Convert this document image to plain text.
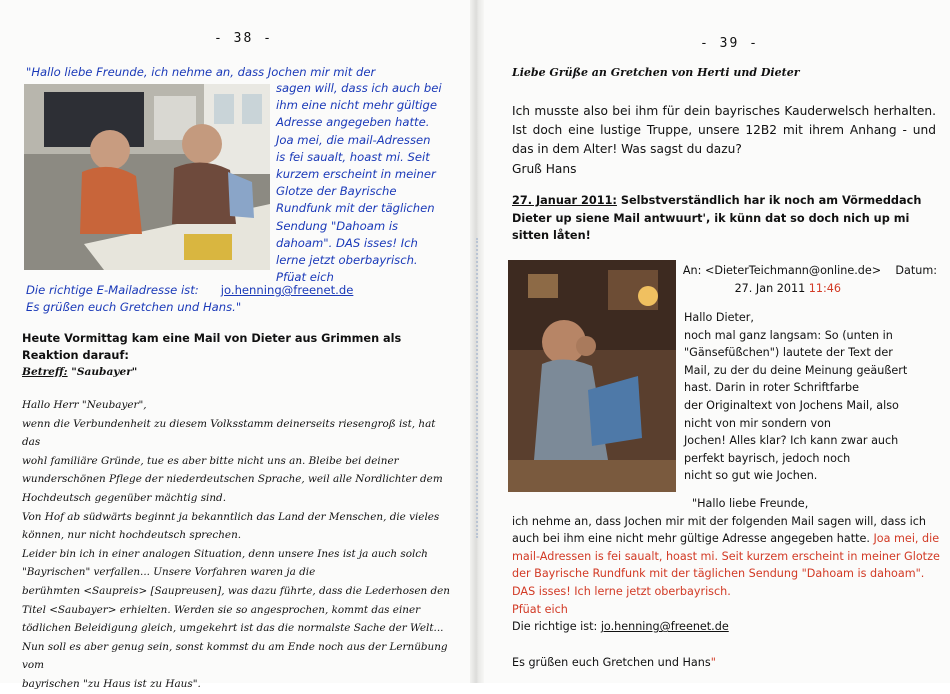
- 38 -
"Hallo liebe Freunde, ich nehme an, dass Jochen mir mit der
sagen will, dass ich auch bei
ihm eine nicht mehr gültige
Adresse angegeben hatte.
Joa mei, die mail-Adressen
is fei saualt, hoast mi. Seit
kurzem erscheint in meiner
Glotze der Bayrische
Rundfunk mit der täglichen
Sendung "Dahoam is
dahoam". DAS isses! Ich
lerne jetzt oberbayrisch.
Pfüat eich
Die richtige E-Mailadresse ist: jo.henning@freenet.de
Es grüßen euch Gretchen und Hans."
Heute Vormittag kam eine Mail von Dieter aus Grimmen als Reaktion darauf:
Betreff: "Saubayer"
Hallo Herr "Neubayer",
wenn die Verbundenheit zu diesem Volksstamm deinerseits riesengroß ist, hat das
wohl familiäre Gründe, tue es aber bitte nicht uns an. Bleibe bei deiner
wunderschönen Pflege der niederdeutschen Sprache, weil alle Nordlichter dem
Hochdeutsch gegenüber mächtig sind.
Von Hof ab südwärts beginnt ja bekanntlich das Land der Menschen, die vieles
können, nur nicht hochdeutsch sprechen.
Leider bin ich in einer analogen Situation, denn unsere Ines ist ja auch solch
"Bayrischen" verfallen... Unsere Vorfahren waren ja die
berühmten <Saupreis> [Saupreusen], was dazu führte, dass die Lederhosen den
Titel <Saubayer> erhielten. Werden sie so angesprochen, kommt das einer
tödlichen Beleidigung gleich, umgekehrt ist das die normalste Sache der Welt...
Nun soll es aber genug sein, sonst kommst du am Ende noch aus der Lernübung vom
bayrischen "zu Haus ist zu Haus".
- 39 -
Liebe Grüße an Gretchen von Herti und Dieter
Ich musste also bei ihm für dein bayrisches Kauderwelsch herhalten. Ist doch eine lustige Truppe, unsere 12B2 mit ihrem Anhang - und das in dem Alter! Was sagst du dazu?
Gruß Hans
27. Januar 2011: Selbstverständlich har ik noch am Vörmeddach Dieter up siene Mail antwuurt', ik künn dat so doch nich up mi sitten låten!
An: <DieterTeichmann@online.de> Datum:
27. Jan 2011 11:46
Hallo Dieter,
noch mal ganz langsam: So (unten in
"Gänsefüßchen") lautete der Text der
Mail, zu der du deine Meinung geäußert
hast. Darin in roter Schriftfarbe
der Originaltext von Jochens Mail, also
nicht von mir sondern von
Jochen! Alles klar? Ich kann zwar auch
perfekt bayrisch, jedoch noch
nicht so gut wie Jochen.
"Hallo liebe Freunde,
ich nehme an, dass Jochen mir mit der folgenden Mail sagen will, dass ich auch bei ihm eine nicht mehr gültige Adresse angegeben hatte. Joa mei, die mail-Adressen is fei saualt, hoast mi. Seit kurzem erscheint in meiner Glotze der Bayrische Rundfunk mit der täglichen Sendung "Dahoam is dahoam". DAS isses! Ich lerne jetzt oberbayrisch.
Pfüat eich
Die richtige ist: jo.henning@freenet.de
Es grüßen euch Gretchen und Hans"
